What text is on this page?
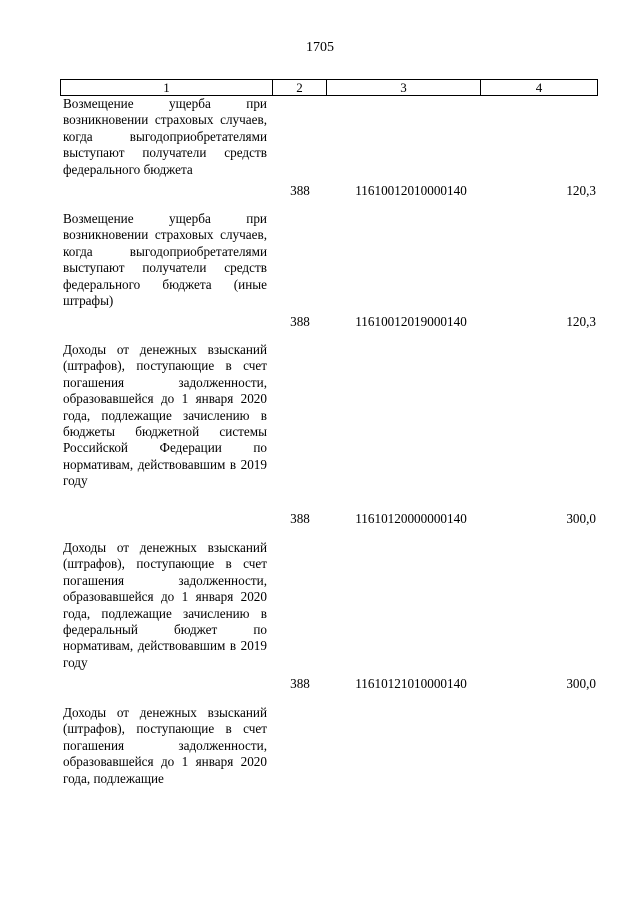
1705
1	2	3	4
Возмещение ущерба при возникновении страховых случаев, когда выгодоприобретателями выступают получатели средств федерального бюджета
388	11610012010000140	120,3
Возмещение ущерба при возникновении страховых случаев, когда выгодоприобретателями выступают получатели средств федерального бюджета (иные штрафы)
388	11610012019000140	120,3
Доходы от денежных взысканий (штрафов), поступающие в счет погашения задолженности, образовавшейся до 1 января 2020 года, подлежащие зачислению в бюджеты бюджетной системы Российской Федерации по нормативам, действовавшим в 2019 году
388	11610120000000140	300,0
Доходы от денежных взысканий (штрафов), поступающие в счет погашения задолженности, образовавшейся до 1 января 2020 года, подлежащие зачислению в федеральный бюджет по нормативам, действовавшим в 2019 году
388	11610121010000140	300,0
Доходы от денежных взысканий (штрафов), поступающие в счет погашения задолженности, образовавшейся до 1 января 2020 года, подлежащие
